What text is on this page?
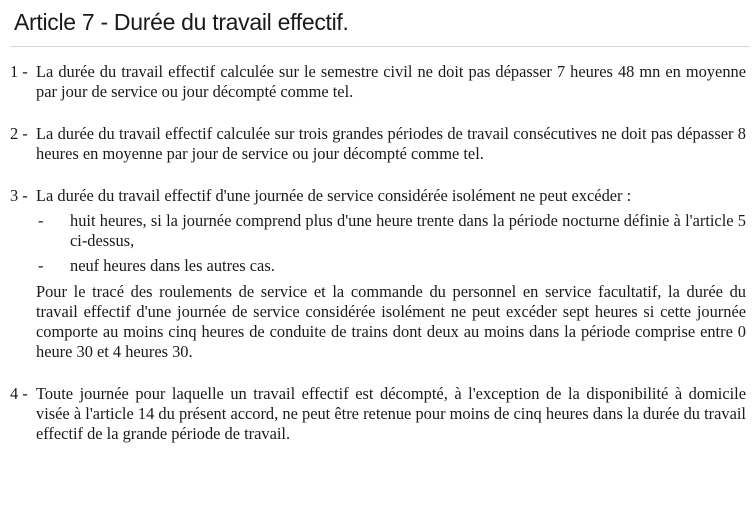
Article 7 - Durée du travail effectif.
1 - La durée du travail effectif calculée sur le semestre civil ne doit pas dépasser 7 heures 48 mn en moyenne par jour de service ou jour décompté comme tel.

2 - La durée du travail effectif calculée sur trois grandes périodes de travail consécutives ne doit pas dépasser 8 heures en moyenne par jour de service ou jour décompté comme tel.

3 - La durée du travail effectif d'une journée de service considérée isolément ne peut excéder :

- huit heures, si la journée comprend plus d'une heure trente dans la période nocturne définie à l'article 5 ci-dessus,

- neuf heures dans les autres cas.

Pour le tracé des roulements de service et la commande du personnel en service facultatif, la durée du travail effectif d'une journée de service considérée isolément ne peut excéder sept heures si cette journée comporte au moins cinq heures de conduite de trains dont deux au moins dans la période comprise entre 0 heure 30 et 4 heures 30.

4 - Toute journée pour laquelle un travail effectif est décompté, à l'exception de la disponibilité à domicile visée à l'article 14 du présent accord, ne peut être retenue pour moins de cinq heures dans la durée du travail effectif de la grande période de travail.
